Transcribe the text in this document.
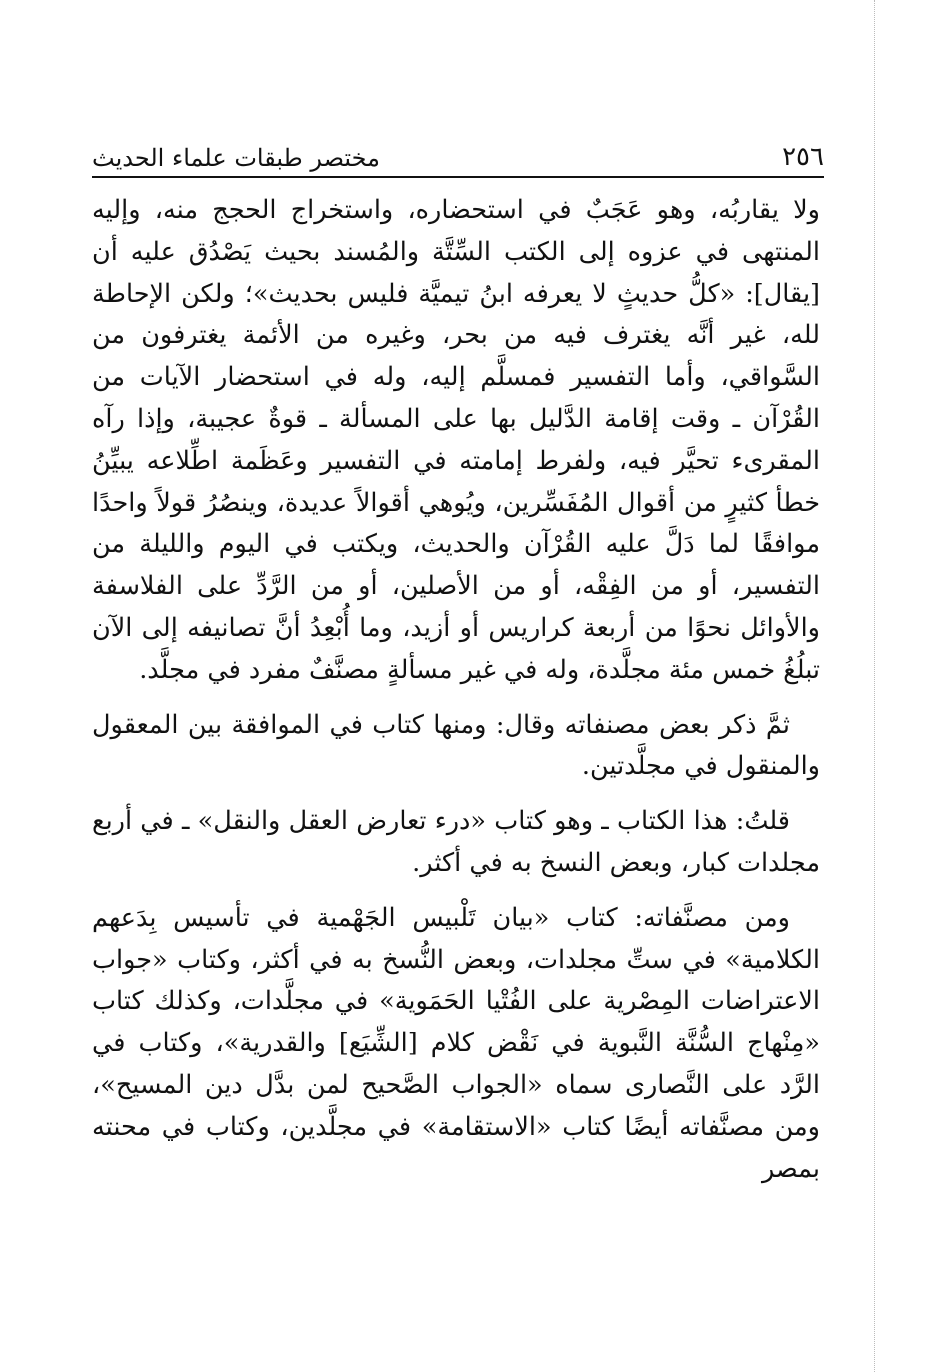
٢٥٦
مختصر طبقات علماء الحديث

ولا يقاربُه، وهو عَجَبٌ في استحضاره، واستخراج الحجج منه، وإليه المنتهى في عزوه إلى الكتب السِّتَّة والمُسند بحيث يَصْدُق عليه أن [يقال]: «كلُّ حديثٍ لا يعرفه ابنُ تيميَّة فليس بحديث»؛ ولكن الإحاطة لله، غير أنَّه يغترف فيه من بحر، وغيره من الأئمة يغترفون من السَّواقي، وأما التفسير فمسلَّم إليه، وله في استحضار الآيات من القُرْآن ـ وقت إقامة الدَّليل بها على المسألة ـ قوةٌ عجيبة، وإذا رآه المقرىء تحيَّر فيه، ولفرط إمامته في التفسير وعَظَمة اطِّلاعه يبيِّنُ خطأ كثيرٍ من أقوال المُفَسِّرين، ويُوهي أقوالاً عديدة، وينصُرُ قولاً واحدًا موافقًا لما دَلَّ عليه القُرْآن والحديث، ويكتب في اليوم والليلة من التفسير، أو من الفِقْه، أو من الأصلين، أو من الرَّدِّ على الفلاسفة والأوائل نحوًا من أربعة كراريس أو أزيد، وما أُبْعِدُ أنَّ تصانيفه إلى الآن تبلُغُ خمس مئة مجلَّدة، وله في غير مسألةٍ مصنَّفٌ مفرد في مجلَّد.

ثمَّ ذكر بعض مصنفاته وقال: ومنها كتاب في الموافقة بين المعقول والمنقول في مجلَّدتين.

قلتُ: هذا الكتاب ـ وهو كتاب «درء تعارض العقل والنقل» ـ في أربع مجلدات كبار، وبعض النسخ به في أكثر.

ومن مصنَّفاته: كتاب «بيان تَلْبيس الجَهْمية في تأسيس بِدَعهم الكلامية» في ستِّ مجلدات، وبعض النُّسخ به في أكثر، وكتاب «جواب الاعتراضات المِصْرية على الفُتْيا الحَمَوية» في مجلَّدات، وكذلك كتاب «مِنْهاج السُّنَّة النَّبوية في نَقْض كلام [الشِّيَع] والقدرية»، وكتاب في الرَّد على النَّصارى سماه «الجواب الصَّحيح لمن بدَّل دين المسيح»، ومن مصنَّفاته أيضًا كتاب «الاستقامة» في مجلَّدين، وكتاب في محنته بمصر
